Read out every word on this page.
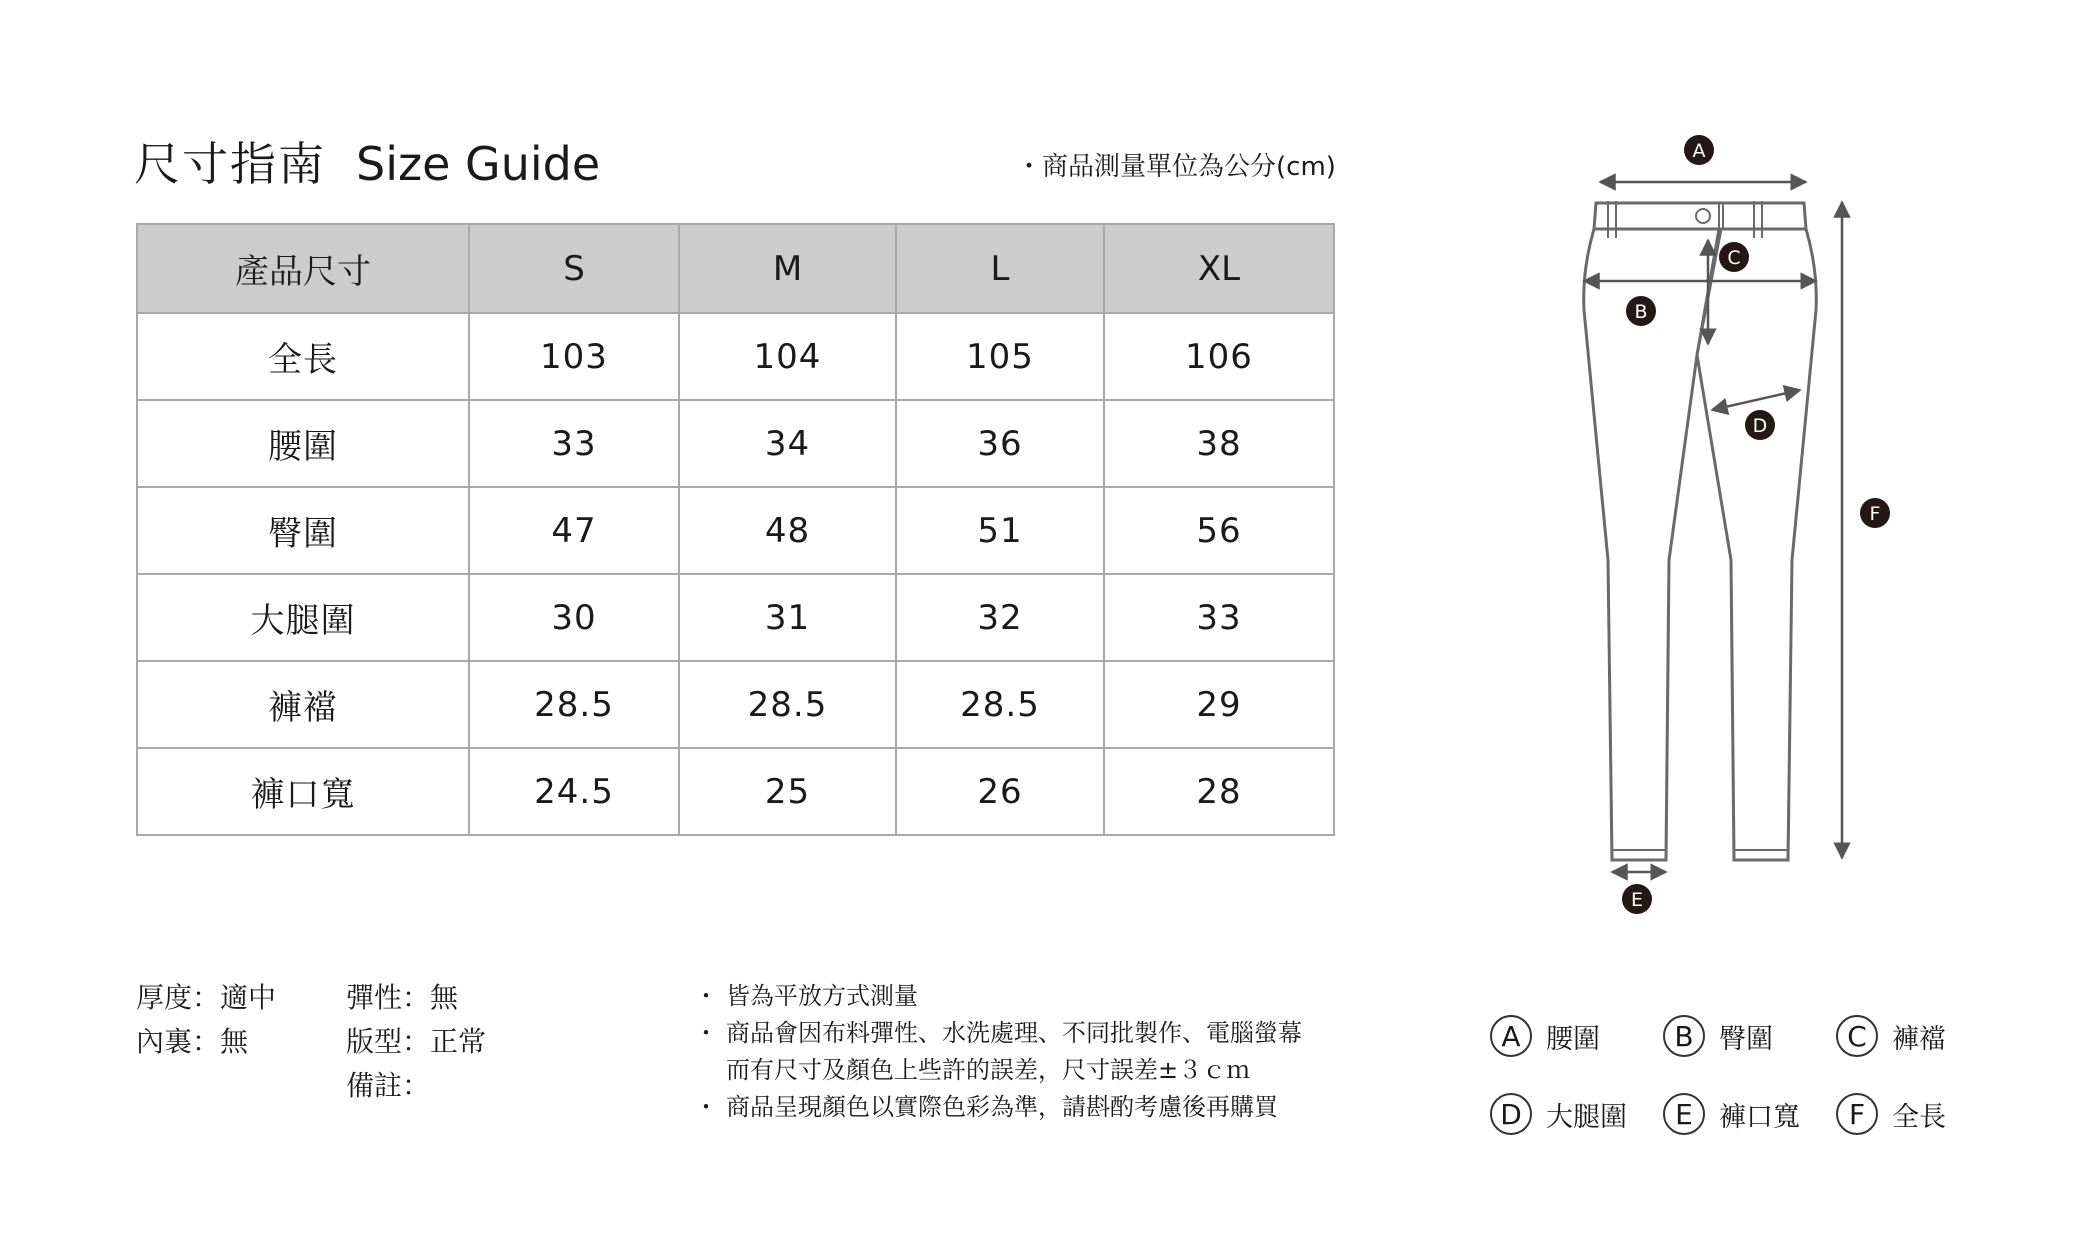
尺寸指南 Size Guide	・商品測量單位為公分(cm)
產品尺寸	S	M	L	XL
全長	103	104	105	106
腰圍	33	34	36	38
臀圍	47	48	51	56
大腿圍	30	31	32	33
褲襠	28.5	28.5	28.5	29
褲口寬	24.5	25	26	28
厚度：適中
內裏：無
彈性：無
版型：正常
備註：
・ 皆為平放方式測量
・ 商品會因布料彈性、水洗處理、不同批製作、電腦螢幕
而有尺寸及顏色上些許的誤差，尺寸誤差±３ｃｍ
・ 商品呈現顏色以實際色彩為準，請斟酌考慮後再購買
A
B
C
D
E
F
A 腰圍	B 臀圍	C 褲襠
D 大腿圍	E 褲口寬	F 全長
